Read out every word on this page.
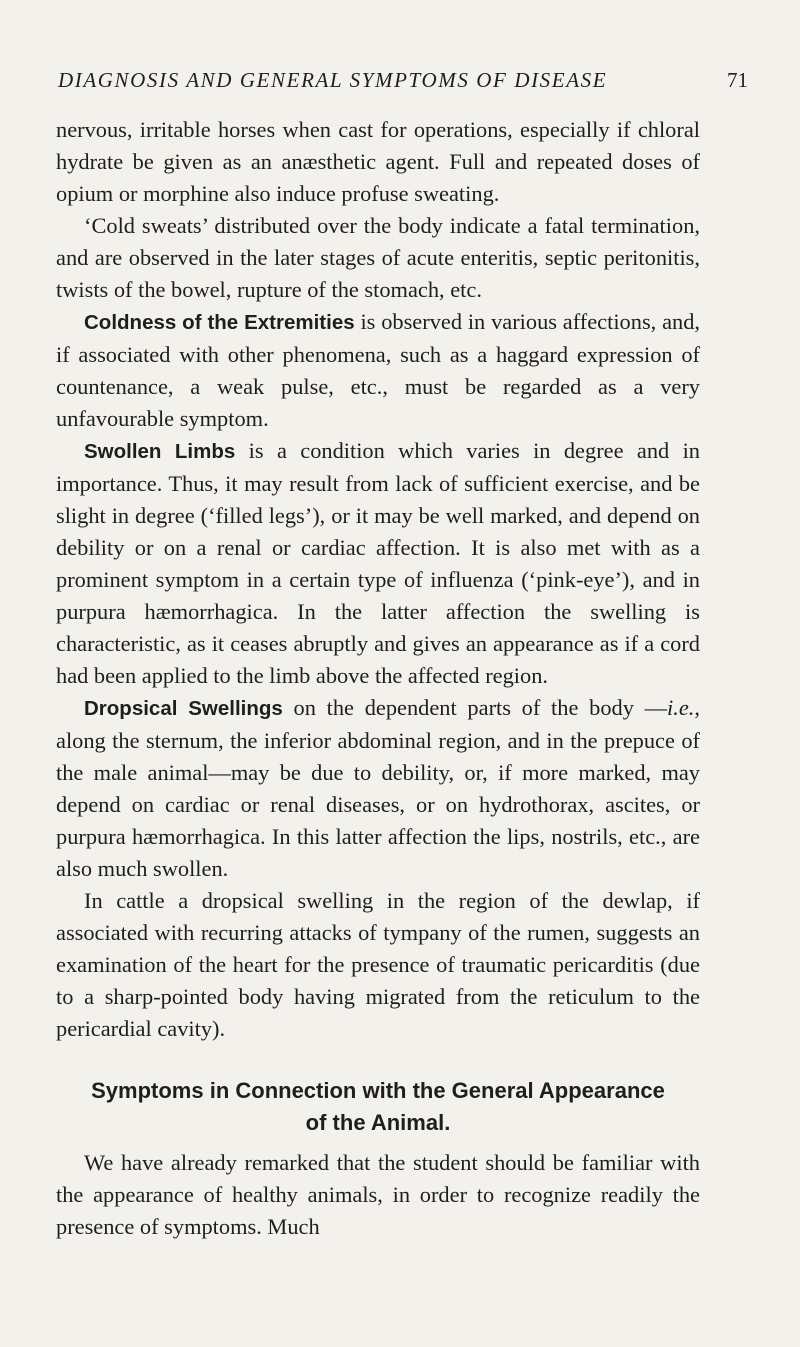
DIAGNOSIS AND GENERAL SYMPTOMS OF DISEASE	71

nervous, irritable horses when cast for operations, especially if chloral hydrate be given as an anæsthetic agent. Full and repeated doses of opium or morphine also induce profuse sweating.

‘Cold sweats’ distributed over the body indicate a fatal termination, and are observed in the later stages of acute enteritis, septic peritonitis, twists of the bowel, rupture of the stomach, etc.

Coldness of the Extremities is observed in various affections, and, if associated with other phenomena, such as a haggard expression of countenance, a weak pulse, etc., must be regarded as a very unfavourable symptom.

Swollen Limbs is a condition which varies in degree and in importance. Thus, it may result from lack of sufficient exercise, and be slight in degree (‘filled legs’), or it may be well marked, and depend on debility or on a renal or cardiac affection. It is also met with as a prominent symptom in a certain type of influenza (‘pink-eye’), and in purpura hæmorrhagica. In the latter affection the swelling is characteristic, as it ceases abruptly and gives an appearance as if a cord had been applied to the limb above the affected region.

Dropsical Swellings on the dependent parts of the body —i.e., along the sternum, the inferior abdominal region, and in the prepuce of the male animal—may be due to debility, or, if more marked, may depend on cardiac or renal diseases, or on hydrothorax, ascites, or purpura hæmorrhagica. In this latter affection the lips, nostrils, etc., are also much swollen.

In cattle a dropsical swelling in the region of the dewlap, if associated with recurring attacks of tympany of the rumen, suggests an examination of the heart for the presence of traumatic pericarditis (due to a sharp-pointed body having migrated from the reticulum to the pericardial cavity).

Symptoms in Connection with the General Appearance
of the Animal.

We have already remarked that the student should be familiar with the appearance of healthy animals, in order to recognize readily the presence of symptoms. Much
